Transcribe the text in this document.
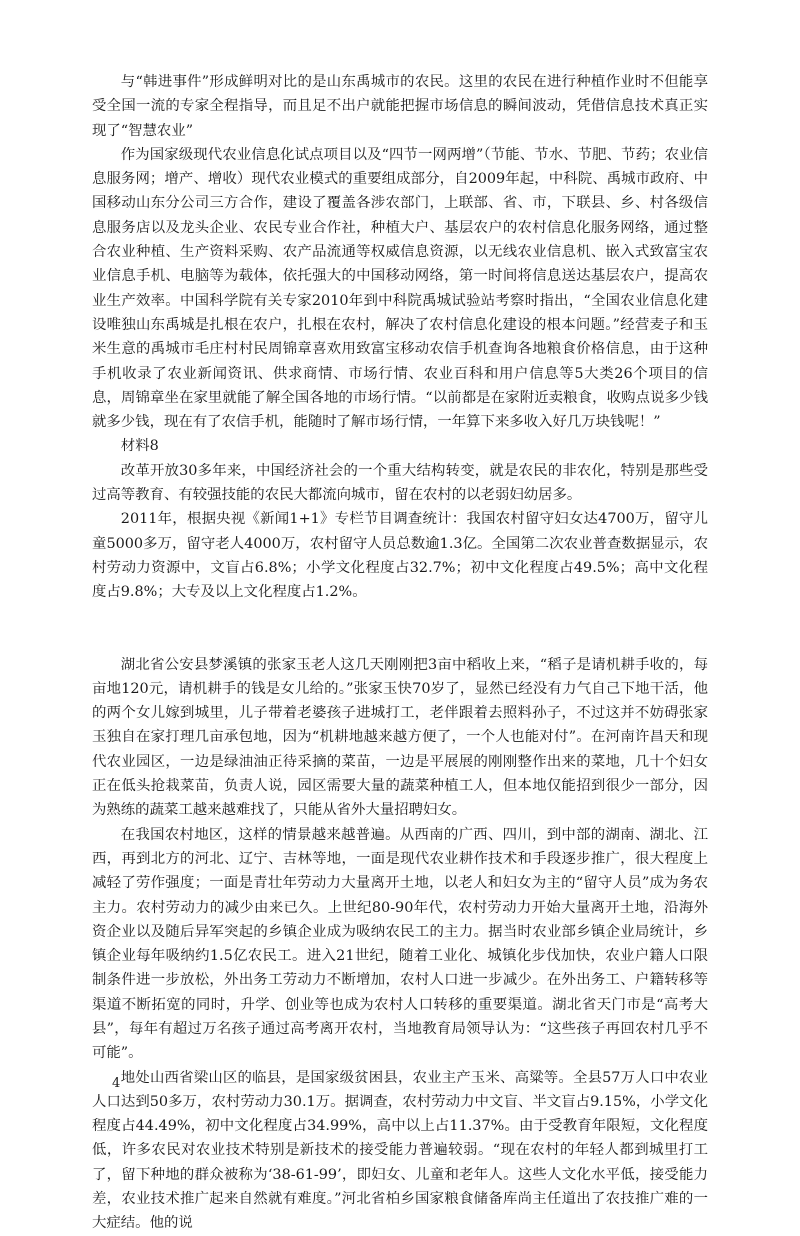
与“韩进事件”形成鲜明对比的是山东禹城市的农民。这里的农民在进行种植作业时不但能享受全国一流的专家全程指导，而且足不出户就能把握市场信息的瞬间波动，凭借信息技术真正实现了“智慧农业”

作为国家级现代农业信息化试点项目以及“四节一网两增”（节能、节水、节肥、节药；农业信息服务网；增产、增收）现代农业模式的重要组成部分，自2009年起，中科院、禹城市政府、中国移动山东分公司三方合作，建设了覆盖各涉农部门，上联部、省、市，下联县、乡、村各级信息服务店以及龙头企业、农民专业合作社，种植大户、基层农户的农村信息化服务网络，通过整合农业种植、生产资料采购、农产品流通等权威信息资源，以无线农业信息机、嵌入式致富宝农业信息手机、电脑等为载体，依托强大的中国移动网络，第一时间将信息送达基层农户，提高农业生产效率。中国科学院有关专家2010年到中科院禹城试验站考察时指出，“全国农业信息化建设唯独山东禹城是扎根在农户，扎根在农村，解决了农村信息化建设的根本问题。”经营麦子和玉米生意的禹城市毛庄村村民周锦章喜欢用致富宝移动农信手机查询各地粮食价格信息，由于这种手机收录了农业新闻资讯、供求商情、市场行情、农业百科和用户信息等5大类26个项目的信息，周锦章坐在家里就能了解全国各地的市场行情。“以前都是在家附近卖粮食，收购点说多少钱就多少钱，现在有了农信手机，能随时了解市场行情，一年算下来多收入好几万块钱呢！”

材料8

改革开放30多年来，中国经济社会的一个重大结构转变，就是农民的非农化，特别是那些受过高等教育、有较强技能的农民大都流向城市，留在农村的以老弱妇幼居多。

2011年，根据央视《新闻1+1》专栏节目调查统计：我国农村留守妇女达4700万，留守儿童5000多万，留守老人4000万，农村留守人员总数逾1.3亿。全国第二次农业普查数据显示，农村劳动力资源中，文盲占6.8%；小学文化程度占32.7%；初中文化程度占49.5%；高中文化程度占9.8%；大专及以上文化程度占1.2%。

湖北省公安县梦溪镇的张家玉老人这几天刚刚把3亩中稻收上来，“稻子是请机耕手收的，每亩地120元，请机耕手的钱是女儿给的。”张家玉快70岁了，显然已经没有力气自己下地干活，他的两个女儿嫁到城里，儿子带着老婆孩子进城打工，老伴跟着去照料孙子，不过这并不妨碍张家玉独自在家打理几亩承包地，因为“机耕地越来越方便了，一个人也能对付”。在河南许昌天和现代农业园区，一边是绿油油正待采摘的菜苗，一边是平展展的刚刚整作出来的菜地，几十个妇女正在低头抢栽菜苗，负责人说，园区需要大量的蔬菜种植工人，但本地仅能招到很少一部分，因为熟练的蔬菜工越来越难找了，只能从省外大量招聘妇女。

在我国农村地区，这样的情景越来越普遍。从西南的广西、四川，到中部的湖南、湖北、江西，再到北方的河北、辽宁、吉林等地，一面是现代农业耕作技术和手段逐步推广，很大程度上减轻了劳作强度；一面是青壮年劳动力大量离开土地，以老人和妇女为主的“留守人员”成为务农主力。农村劳动力的减少由来已久。上世纪80-90年代，农村劳动力开始大量离开土地，沿海外资企业以及随后异军突起的乡镇企业成为吸纳农民工的主力。据当时农业部乡镇企业局统计，乡镇企业每年吸纳约1.5亿农民工。进入21世纪，随着工业化、城镇化步伐加快，农业户籍人口限制条件进一步放松，外出务工劳动力不断增加，农村人口进一步减少。在外出务工、户籍转移等渠道不断拓宽的同时，升学、创业等也成为农村人口转移的重要渠道。湖北省天门市是“高考大县”，每年有超过万名孩子通过高考离开农村，当地教育局领导认为：“这些孩子再回农村几乎不可能”。

地处山西省梁山区的临县，是国家级贫困县，农业主产玉米、高粱等。全县57万人口中农业人口达到50多万，农村劳动力30.1万。据调查，农村劳动力中文盲、半文盲占9.15%，小学文化程度占44.49%，初中文化程度占34.99%，高中以上占11.37%。由于受教育年限短，文化程度低，许多农民对农业技术特别是新技术的接受能力普遍较弱。“现在农村的年轻人都到城里打工了，留下种地的群众被称为‘38-61-99’，即妇女、儿童和老年人。这些人文化水平低，接受能力差，农业技术推广起来自然就有难度。”河北省柏乡国家粮食储备库尚主任道出了农技推广难的一大症结。他的说

4
